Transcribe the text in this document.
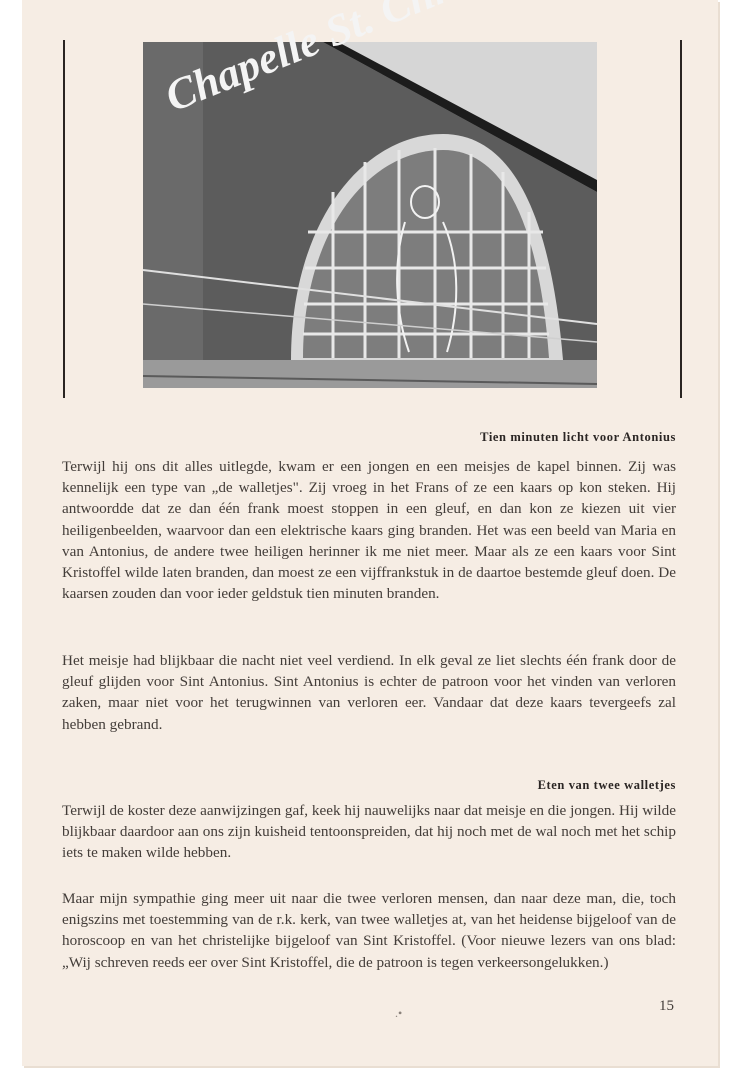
Chapelle St.
Tien minuten licht voor Antonius

Terwijl hij ons dit alles uitlegde, kwam er een jongen en een meisjes de kapel binnen. Zij was kennelijk een type van „de walletjes". Zij vroeg in het Frans of ze een kaars op kon steken. Hij antwoordde dat ze dan één frank moest stoppen in een gleuf, en dan kon ze kiezen uit vier heiligenbeelden, waarvoor dan een elektrische kaars ging branden. Het was een beeld van Maria en van Antonius, de andere twee heiligen herinner ik me niet meer. Maar als ze een kaars voor Sint Kristoffel wilde laten branden, dan moest ze een vijffrankstuk in de daartoe bestemde gleuf doen. De kaarsen zouden dan voor ieder geldstuk tien minuten branden.

Het meisje had blijkbaar die nacht niet veel verdiend. In elk geval ze liet slechts één frank door de gleuf glijden voor Sint Antonius. Sint Antonius is echter de patroon voor het vinden van verloren zaken, maar niet voor het terugwinnen van verloren eer. Vandaar dat deze kaars tevergeefs zal hebben gebrand.

Eten van twee walletjes

Terwijl de koster deze aanwijzingen gaf, keek hij nauwelijks naar dat meisje en die jongen. Hij wilde blijkbaar daardoor aan ons zijn kuisheid tentoonspreiden, dat hij noch met de wal noch met het schip iets te maken wilde hebben.

Maar mijn sympathie ging meer uit naar die twee verloren mensen, dan naar deze man, die, toch enigszins met toestemming van de r.k. kerk, van twee walletjes at, van het heidense bijgeloof van de horoscoop en van het christelijke bijgeloof van Sint Kristoffel. (Voor nieuwe lezers van ons blad: „Wij schreven reeds eer over Sint Kristoffel, die de patroon is tegen verkeersongelukken.)

.•	15
